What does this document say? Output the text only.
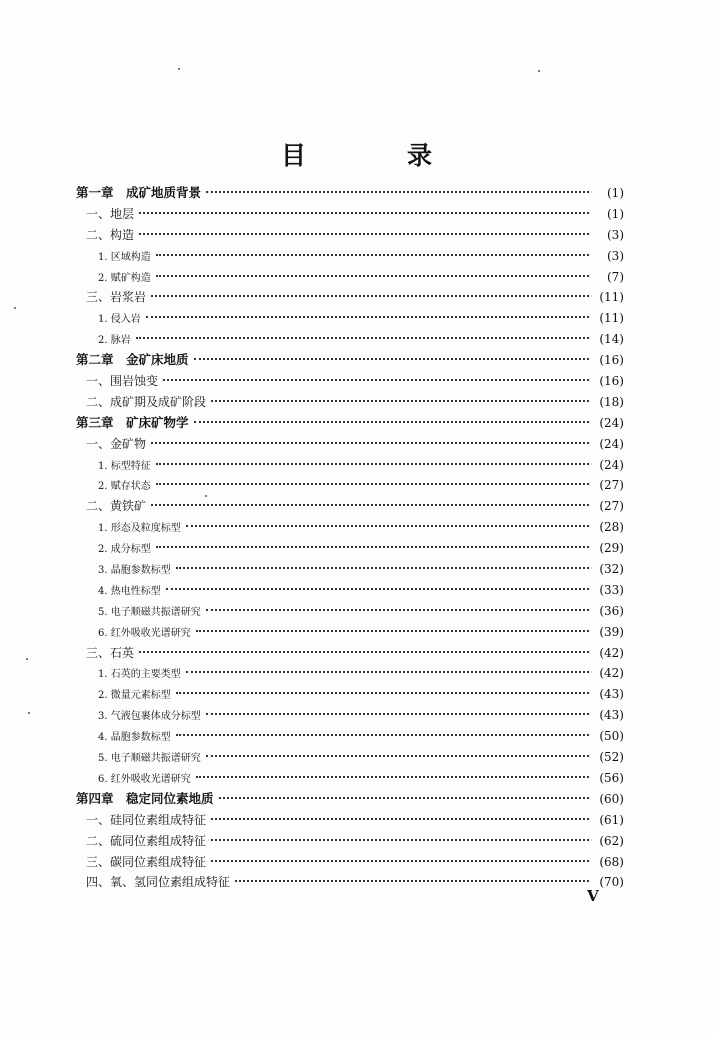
目　录
第一章　成矿地质背景	(1)
一、地层	(1)
二、构造	(3)
1. 区域构造	(3)
2. 赋矿构造	(7)
三、岩浆岩	(11)
1. 侵入岩	(11)
2. 脉岩	(14)
第二章　金矿床地质	(16)
一、围岩蚀变	(16)
二、成矿期及成矿阶段	(18)
第三章　矿床矿物学	(24)
一、金矿物	(24)
1. 标型特征	(24)
2. 赋存状态	(27)
二、黄铁矿	(27)
1. 形态及粒度标型	(28)
2. 成分标型	(29)
3. 晶胞参数标型	(32)
4. 热电性标型	(33)
5. 电子顺磁共振谱研究	(36)
6. 红外吸收光谱研究	(39)
三、石英	(42)
1. 石英的主要类型	(42)
2. 微量元素标型	(43)
3. 气液包裹体成分标型	(43)
4. 晶胞参数标型	(50)
5. 电子顺磁共振谱研究	(52)
6. 红外吸收光谱研究	(56)
第四章　稳定同位素地质	(60)
一、硅同位素组成特征	(61)
二、硫同位素组成特征	(62)
三、碳同位素组成特征	(68)
四、氧、氢同位素组成特征	(70)
V
